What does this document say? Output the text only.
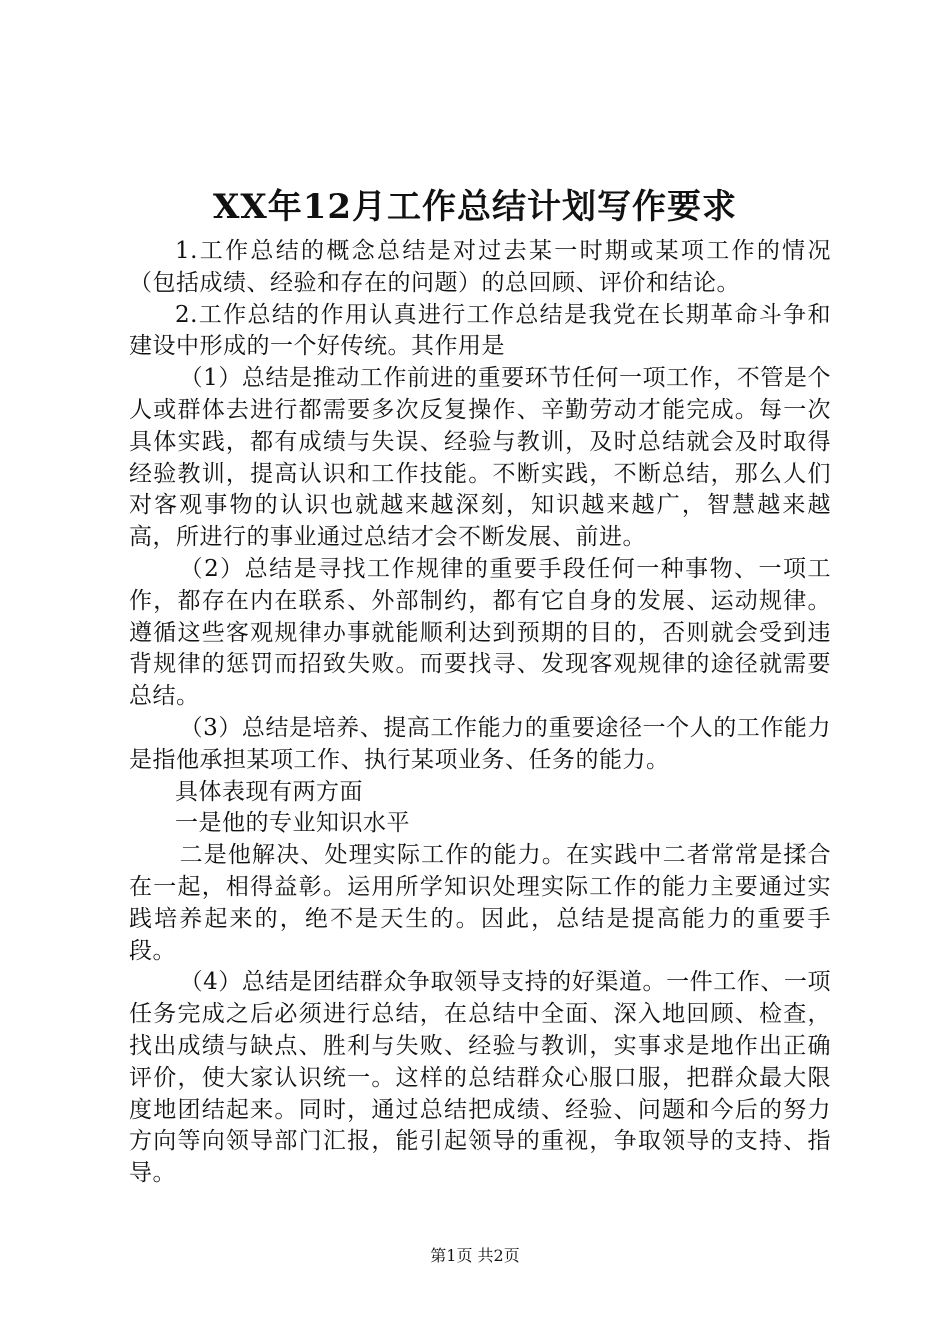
XX年12月工作总结计划写作要求

1.工作总结的概念总结是对过去某一时期或某项工作的情况（包括成绩、经验和存在的问题）的总回顾、评价和结论。

2.工作总结的作用认真进行工作总结是我党在长期革命斗争和建设中形成的一个好传统。其作用是

（1）总结是推动工作前进的重要环节任何一项工作，不管是个人或群体去进行都需要多次反复操作、辛勤劳动才能完成。每一次具体实践，都有成绩与失误、经验与教训，及时总结就会及时取得经验教训，提高认识和工作技能。不断实践，不断总结，那么人们对客观事物的认识也就越来越深刻，知识越来越广，智慧越来越高，所进行的事业通过总结才会不断发展、前进。

（2）总结是寻找工作规律的重要手段任何一种事物、一项工作，都存在内在联系、外部制约，都有它自身的发展、运动规律。遵循这些客观规律办事就能顺利达到预期的目的，否则就会受到违背规律的惩罚而招致失败。而要找寻、发现客观规律的途径就需要总结。

（3）总结是培养、提高工作能力的重要途径一个人的工作能力是指他承担某项工作、执行某项业务、任务的能力。

具体表现有两方面

一是他的专业知识水平

二是他解决、处理实际工作的能力。在实践中二者常常是揉合在一起，相得益彰。运用所学知识处理实际工作的能力主要通过实践培养起来的，绝不是天生的。因此，总结是提高能力的重要手段。

（4）总结是团结群众争取领导支持的好渠道。一件工作、一项任务完成之后必须进行总结，在总结中全面、深入地回顾、检查，找出成绩与缺点、胜利与失败、经验与教训，实事求是地作出正确评价，使大家认识统一。这样的总结群众心服口服，把群众最大限度地团结起来。同时，通过总结把成绩、经验、问题和今后的努力方向等向领导部门汇报，能引起领导的重视，争取领导的支持、指导。

第1页 共2页
